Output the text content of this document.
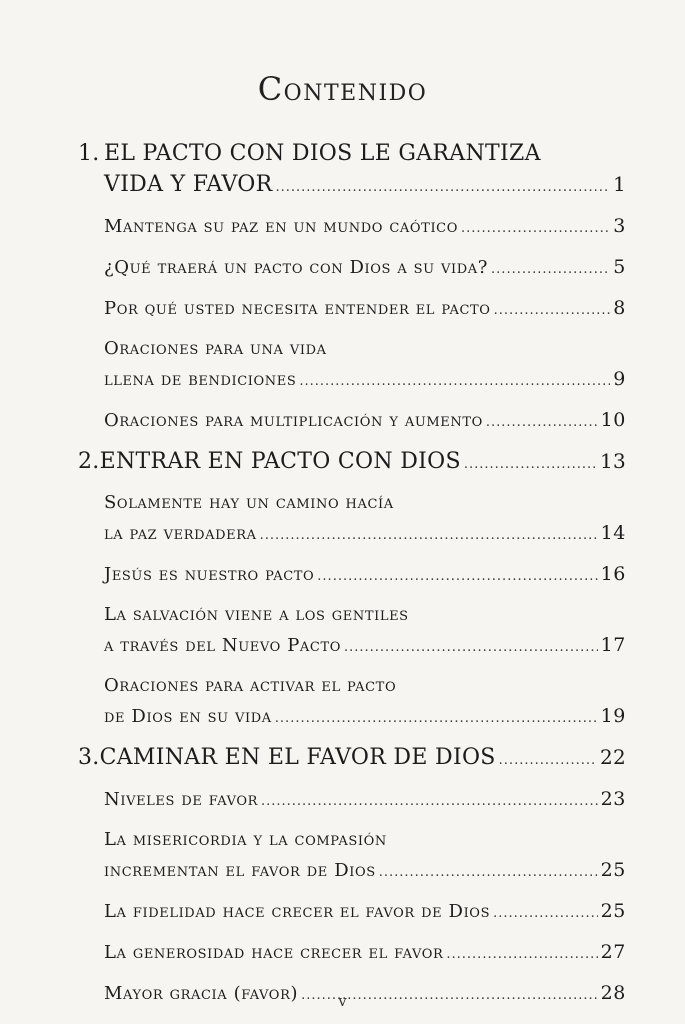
Contenido
1. EL PACTO CON DIOS LE GARANTIZA
VIDA Y FAVOR .....	1
Mantenga su paz en un mundo caótico .....	3
¿Qué traerá un pacto con Dios a su vida? .....	5
Por qué usted necesita entender el pacto .....	8
Oraciones para una vida
llena de bendiciones .....	9
Oraciones para multiplicación y aumento .....	10
2. ENTRAR EN PACTO CON DIOS .....	13
Solamente hay un camino hacía
la paz verdadera .....	14
Jesús es nuestro pacto .....	16
La salvación viene a los gentiles
a través del Nuevo Pacto .....	17
Oraciones para activar el pacto
de Dios en su vida .....	19
3. CAMINAR EN EL FAVOR DE DIOS .....	22
Niveles de favor .....	23
La misericordia y la compasión
incrementan el favor de Dios .....	25
La fidelidad hace crecer el favor de Dios .....	25
La generosidad hace crecer el favor .....	27
Mayor gracia (favor) .....	28
v
